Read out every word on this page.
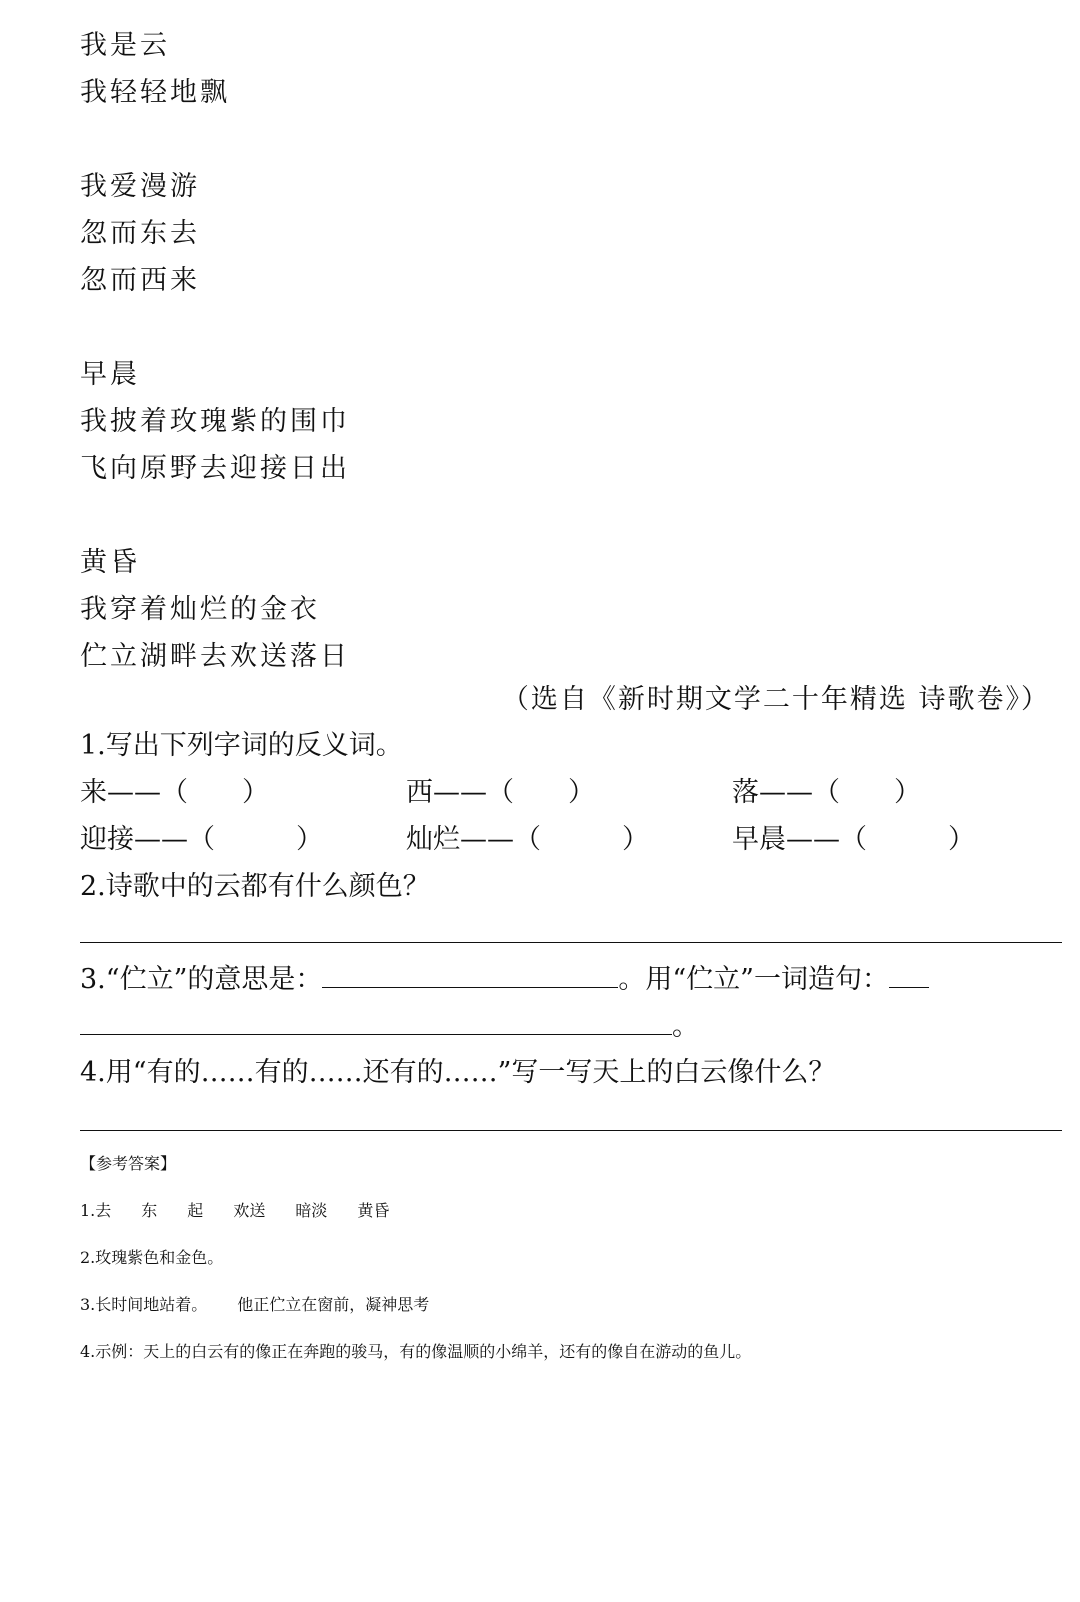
我是云
我轻轻地飘
我爱漫游
忽而东去
忽而西来
早晨
我披着玫瑰紫的围巾
飞向原野去迎接日出
黄昏
我穿着灿烂的金衣
伫立湖畔去欢送落日
（选自《新时期文学二十年精选 诗歌卷》）
1.写出下列字词的反义词。
来——（　　）	西——（　　）	落——（　　）
迎接——（　　　）	灿烂——（　　　）	早晨——（　　　）
2.诗歌中的云都有什么颜色？
3.“伫立”的意思是：	。用“伫立”一词造句：
。
4.用“有的……有的……还有的……”写一写天上的白云像什么？
【参考答案】
1.去 东 起 欢送 暗淡 黄昏
2.玫瑰紫色和金色。
3.长时间地站着。 他正伫立在窗前，凝神思考
4.示例：天上的白云有的像正在奔跑的骏马，有的像温顺的小绵羊，还有的像自在游动的鱼儿。
